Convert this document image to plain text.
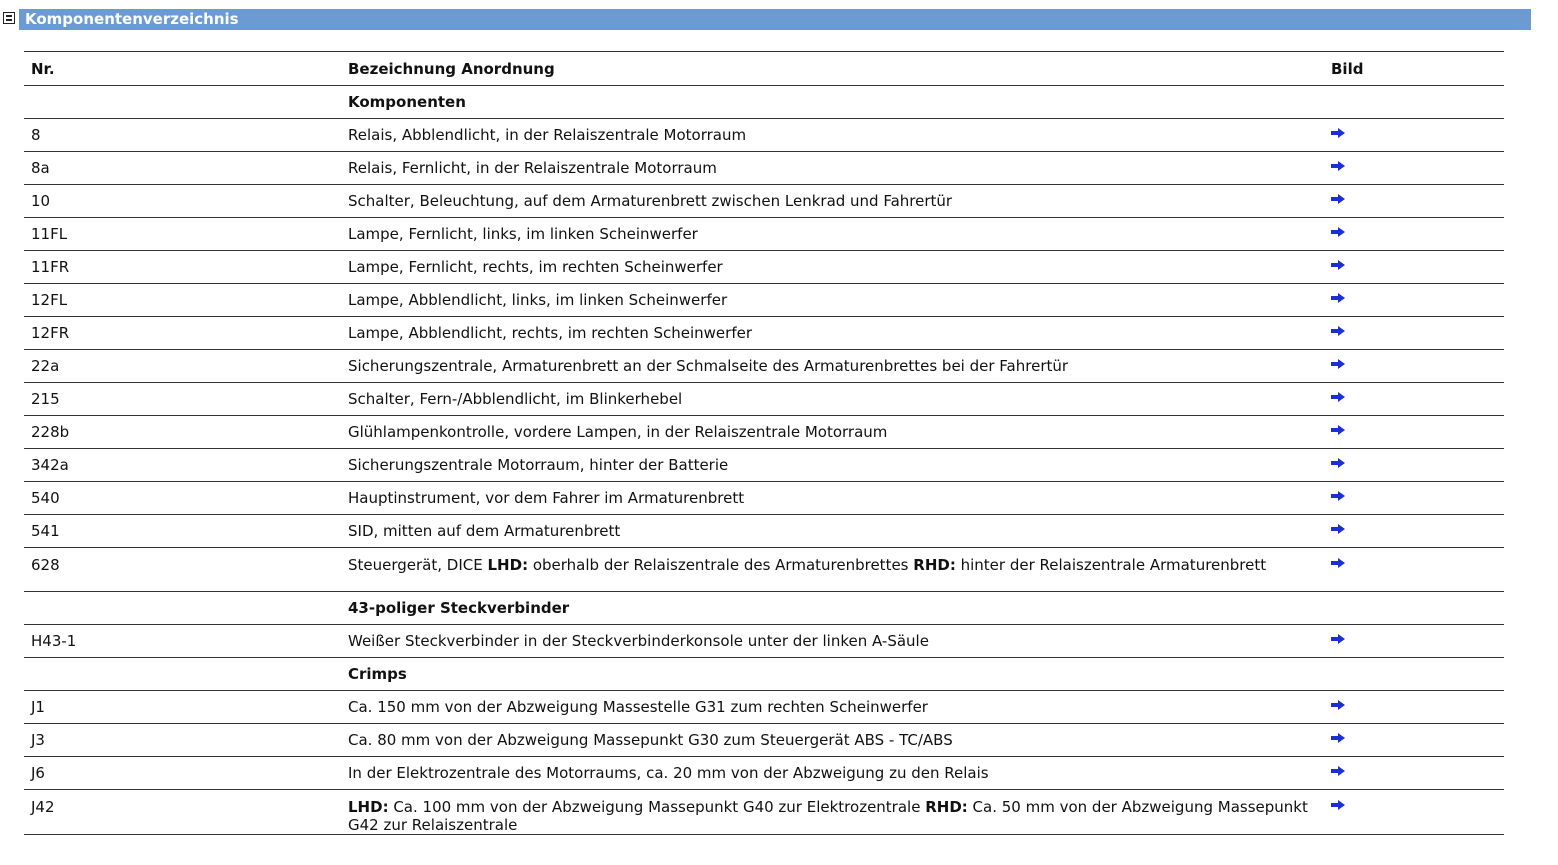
Komponentenverzeichnis
Nr.	Bezeichnung Anordnung	Bild
	Komponenten	
8	Relais, Abblendlicht, in der Relaiszentrale Motorraum	

8a	Relais, Fernlicht, in der Relaiszentrale Motorraum	

10	Schalter, Beleuchtung, auf dem Armaturenbrett zwischen Lenkrad und Fahrertür	

11FL	Lampe, Fernlicht, links, im linken Scheinwerfer	

11FR	Lampe, Fernlicht, rechts, im rechten Scheinwerfer	

12FL	Lampe, Abblendlicht, links, im linken Scheinwerfer	

12FR	Lampe, Abblendlicht, rechts, im rechten Scheinwerfer	

22a	Sicherungszentrale, Armaturenbrett an der Schmalseite des Armaturenbrettes bei der Fahrertür	

215	Schalter, Fern-/Abblendlicht, im Blinkerhebel	

228b	Glühlampenkontrolle, vordere Lampen, in der Relaiszentrale Motorraum	

342a	Sicherungszentrale Motorraum, hinter der Batterie	

540	Hauptinstrument, vor dem Fahrer im Armaturenbrett	

541	SID, mitten auf dem Armaturenbrett	

628	Steuergerät, DICE LHD: oberhalb der Relaiszentrale des Armaturenbrettes RHD: hinter der Relaiszentrale Armaturenbrett	

	43-poliger Steckverbinder	
H43-1	Weißer Steckverbinder in der Steckverbinderkonsole unter der linken A-Säule	

	Crimps	
J1	Ca. 150 mm von der Abzweigung Massestelle G31 zum rechten Scheinwerfer	

J3	Ca. 80 mm von der Abzweigung Massepunkt G30 zum Steuergerät ABS - TC/ABS	

J6	In der Elektrozentrale des Motorraums, ca. 20 mm von der Abzweigung zu den Relais	

J42	LHD: Ca. 100 mm von der Abzweigung Massepunkt G40 zur Elektrozentrale RHD: Ca. 50 mm von der Abzweigung Massepunkt G42 zur Relaiszentrale	
